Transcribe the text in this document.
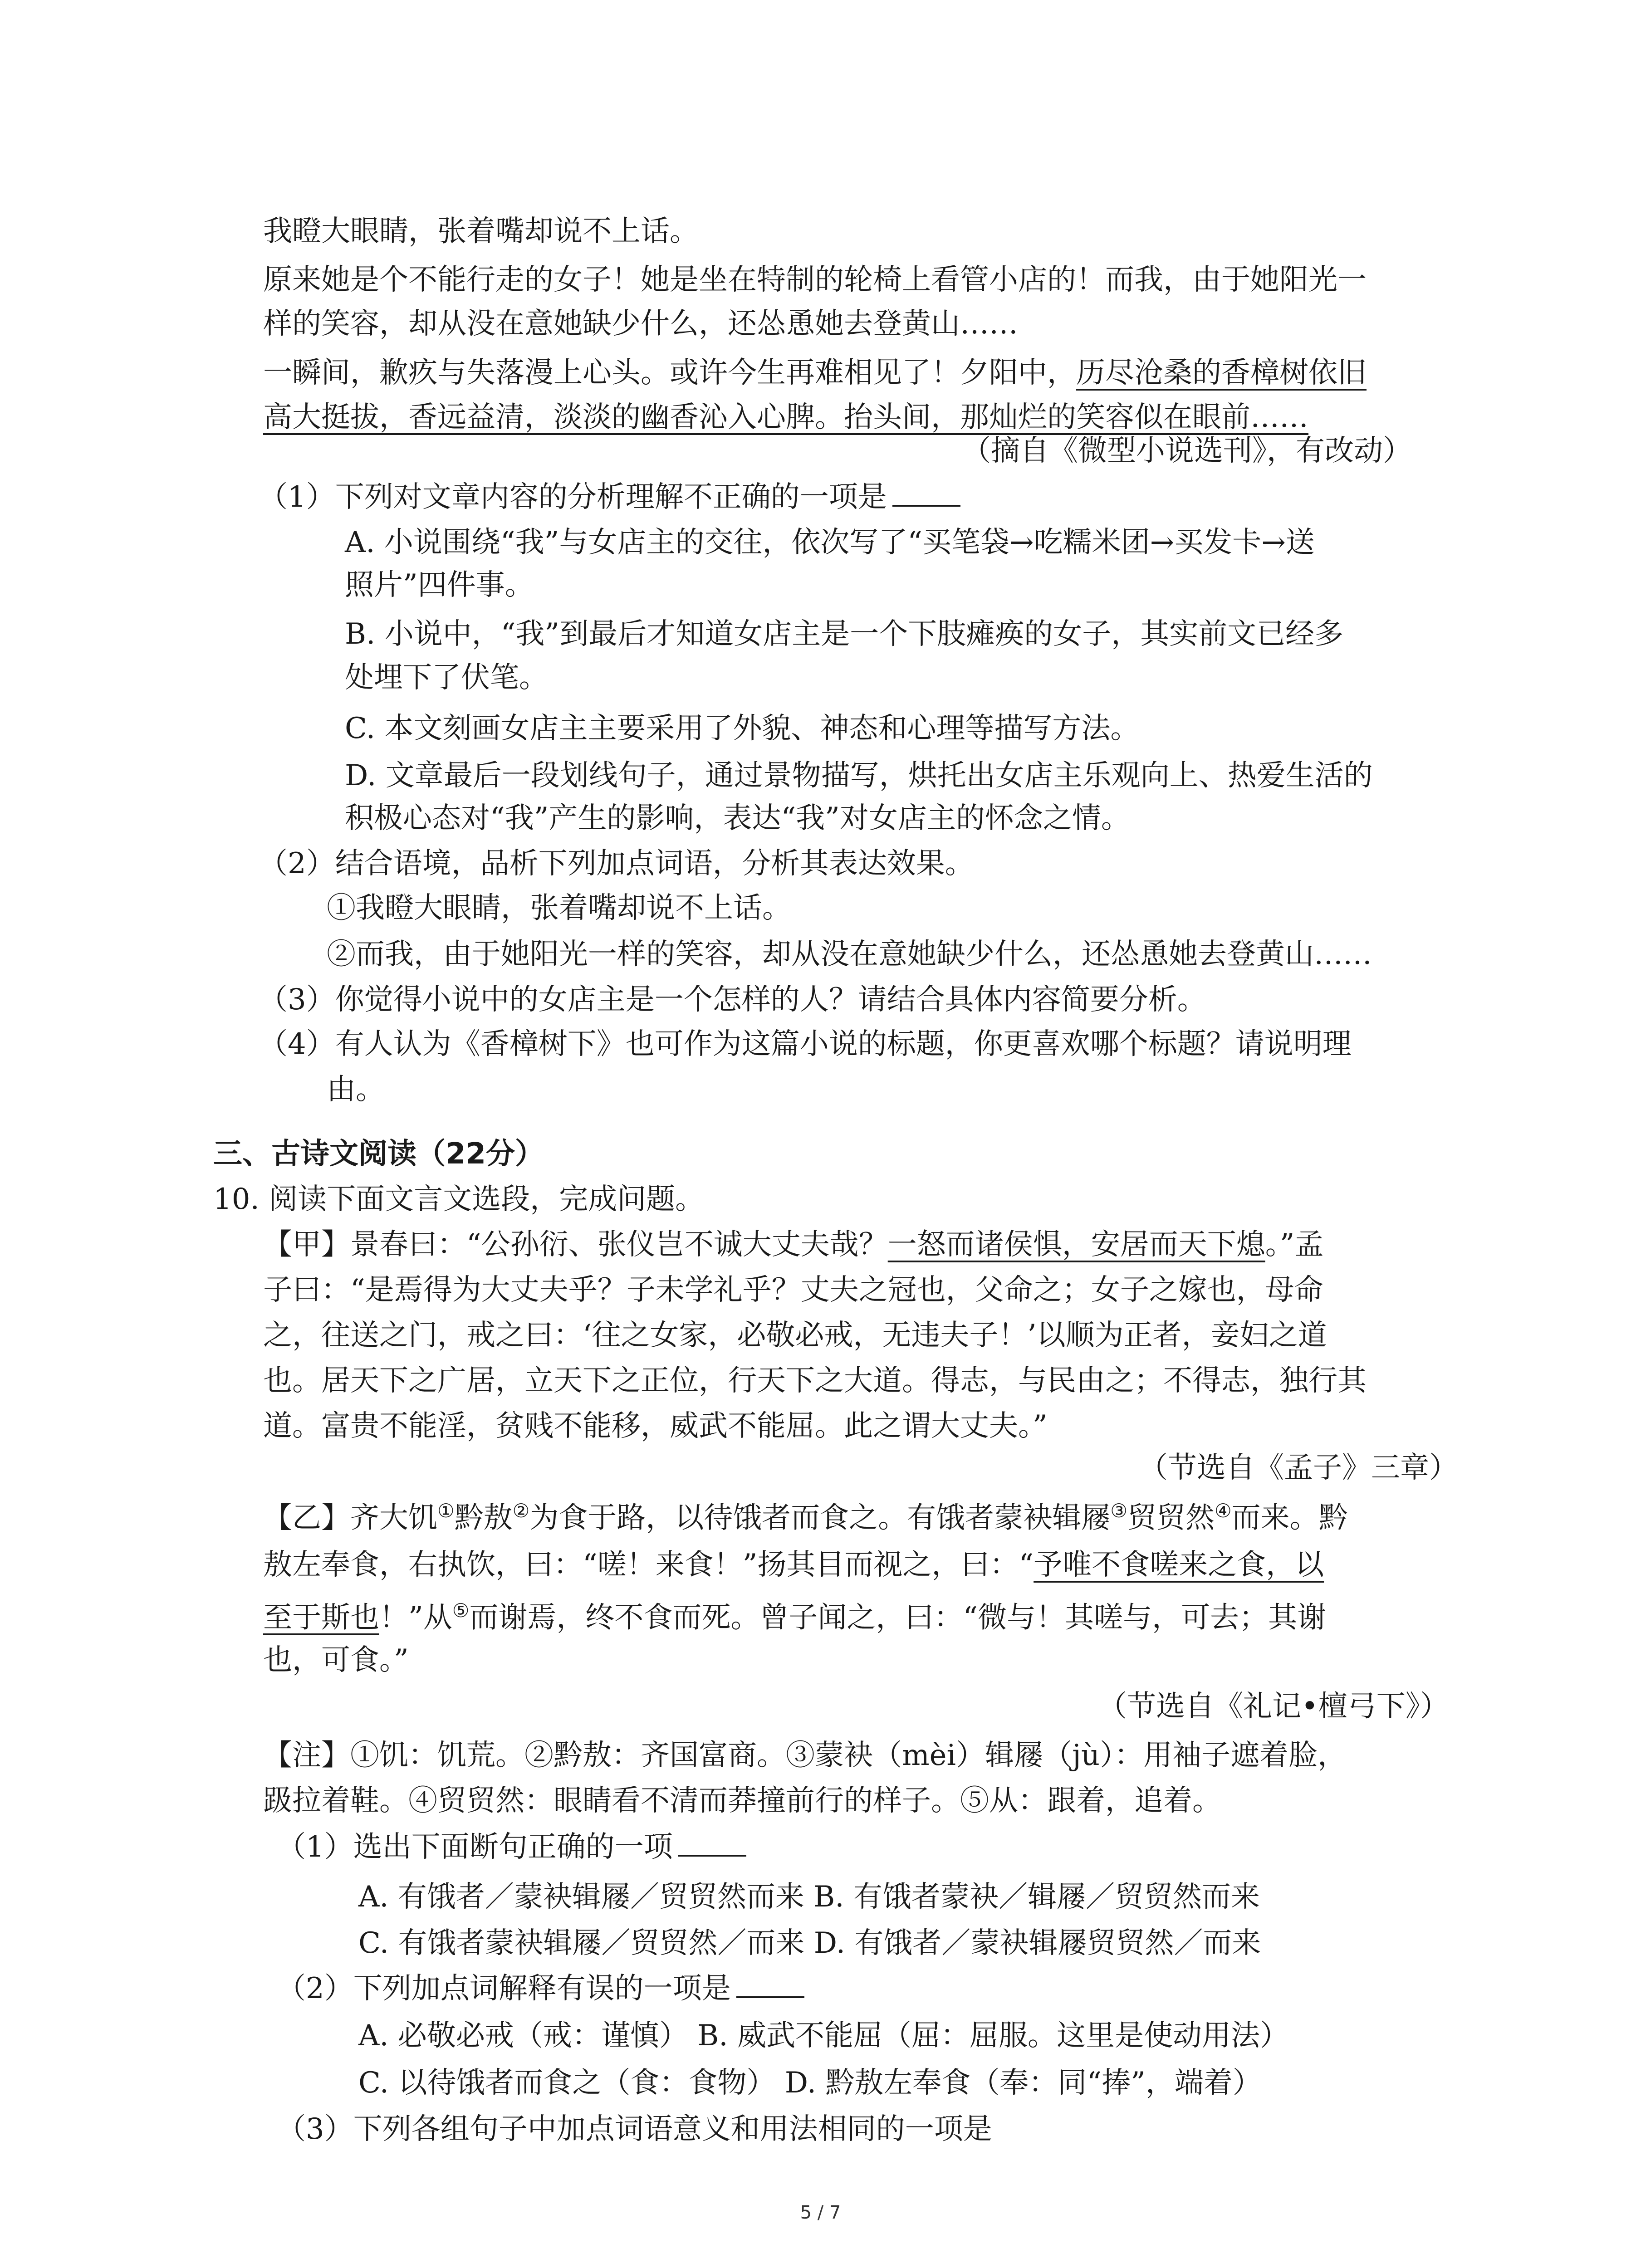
我瞪大眼睛，张着嘴却说不上话。
原来她是个不能行走的女子！她是坐在特制的轮椅上看管小店的！而我，由于她阳光一
样的笑容，却从没在意她缺少什么，还怂恿她去登黄山……
一瞬间，歉疚与失落漫上心头。或许今生再难相见了！夕阳中，历尽沧桑的香樟树依旧
高大挺拔，香远益清，淡淡的幽香沁入心脾。抬头间，那灿烂的笑容似在眼前……
（摘自《微型小说选刊》，有改动）
（1）下列对文章内容的分析理解不正确的一项是
A. 小说围绕“我”与女店主的交往，依次写了“买笔袋→吃糯米团→买发卡→送
照片”四件事。
B. 小说中，“我”到最后才知道女店主是一个下肢瘫痪的女子，其实前文已经多
处埋下了伏笔。
C. 本文刻画女店主主要采用了外貌、神态和心理等描写方法。
D. 文章最后一段划线句子，通过景物描写，烘托出女店主乐观向上、热爱生活的
积极心态对“我”产生的影响，表达“我”对女店主的怀念之情。
（2）结合语境，品析下列加点词语，分析其表达效果。
①我瞪大眼睛，张着嘴却说不上话。
②而我，由于她阳光一样的笑容，却从没在意她缺少什么，还怂恿她去登黄山……
（3）你觉得小说中的女店主是一个怎样的人？请结合具体内容简要分析。
（4）有人认为《香樟树下》也可作为这篇小说的标题，你更喜欢哪个标题？请说明理
由。
三、古诗文阅读（22分）
10. 阅读下面文言文选段，完成问题。
【甲】景春曰：“公孙衍、张仪岂不诚大丈夫哉？一怒而诸侯惧，安居而天下熄。”孟
子曰：“是焉得为大丈夫乎？子未学礼乎？丈夫之冠也，父命之；女子之嫁也，母命
之，往送之门，戒之曰：‘往之女家，必敬必戒，无违夫子！’以顺为正者，妾妇之道
也。居天下之广居，立天下之正位，行天下之大道。得志，与民由之；不得志，独行其
道。富贵不能淫，贫贱不能移，威武不能屈。此之谓大丈夫。”
（节选自《孟子》三章）
【乙】齐大饥①黔敖②为食于路，以待饿者而食之。有饿者蒙袂辑屦③贸贸然④而来。黔
敖左奉食，右执饮，曰：“嗟！来食！”扬其目而视之，曰：“予唯不食嗟来之食，以
至于斯也！”从⑤而谢焉，终不食而死。曾子闻之，曰：“微与！其嗟与，可去；其谢
也，可食。”
（节选自《礼记•檀弓下》）
【注】①饥：饥荒。②黔敖：齐国富商。③蒙袂（mèi）辑屦（jù）：用袖子遮着脸，
趿拉着鞋。④贸贸然：眼睛看不清而莽撞前行的样子。⑤从：跟着，追着。
（1）选出下面断句正确的一项
A. 有饿者／蒙袂辑屦／贸贸然而来 B. 有饿者蒙袂／辑屦／贸贸然而来
C. 有饿者蒙袂辑屦／贸贸然／而来 D. 有饿者／蒙袂辑屦贸贸然／而来
（2）下列加点词解释有误的一项是
A. 必敬必戒（戒：谨慎） B. 威武不能屈（屈：屈服。这里是使动用法）
C. 以待饿者而食之（食：食物） D. 黔敖左奉食（奉：同“捧”，端着）
（3）下列各组句子中加点词语意义和用法相同的一项是
5 / 7
